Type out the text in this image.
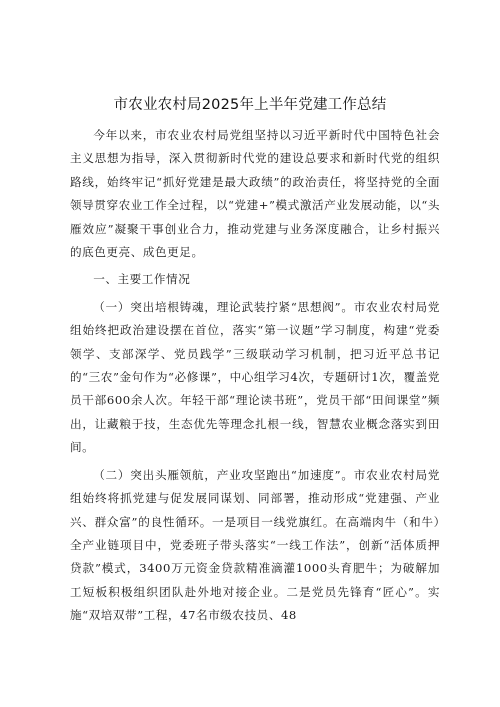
市农业农村局2025年上半年党建工作总结

今年以来，市农业农村局党组坚持以习近平新时代中国特色社会主义思想为指导，深入贯彻新时代党的建设总要求和新时代党的组织路线，始终牢记“抓好党建是最大政绩”的政治责任，将坚持党的全面领导贯穿农业工作全过程，以“党建+”模式激活产业发展动能，以“头雁效应”凝聚干事创业合力，推动党建与业务深度融合，让乡村振兴的底色更亮、成色更足。

一、主要工作情况

（一）突出培根铸魂，理论武装拧紧“思想阀”。市农业农村局党组始终把政治建设摆在首位，落实“第一议题”学习制度，构建“党委领学、支部深学、党员践学”三级联动学习机制，把习近平总书记的“三农”金句作为“必修课”，中心组学习4次，专题研讨1次，覆盖党员干部600余人次。年轻干部“理论读书班”，党员干部“田间课堂”频出，让藏粮于技，生态优先等理念扎根一线，智慧农业概念落实到田间。

（二）突出头雁领航，产业攻坚跑出“加速度”。市农业农村局党组始终将抓党建与促发展同谋划、同部署，推动形成“党建强、产业兴、群众富”的良性循环。一是项目一线党旗红。在高端肉牛（和牛）全产业链项目中，党委班子带头落实“一线工作法”，创新“活体质押贷款”模式，3400万元资金贷款精准滴灌1000头育肥牛；为破解加工短板积极组织团队赴外地对接企业。二是党员先锋育“匠心”。实施“双培双带”工程，47名市级农技员、48
